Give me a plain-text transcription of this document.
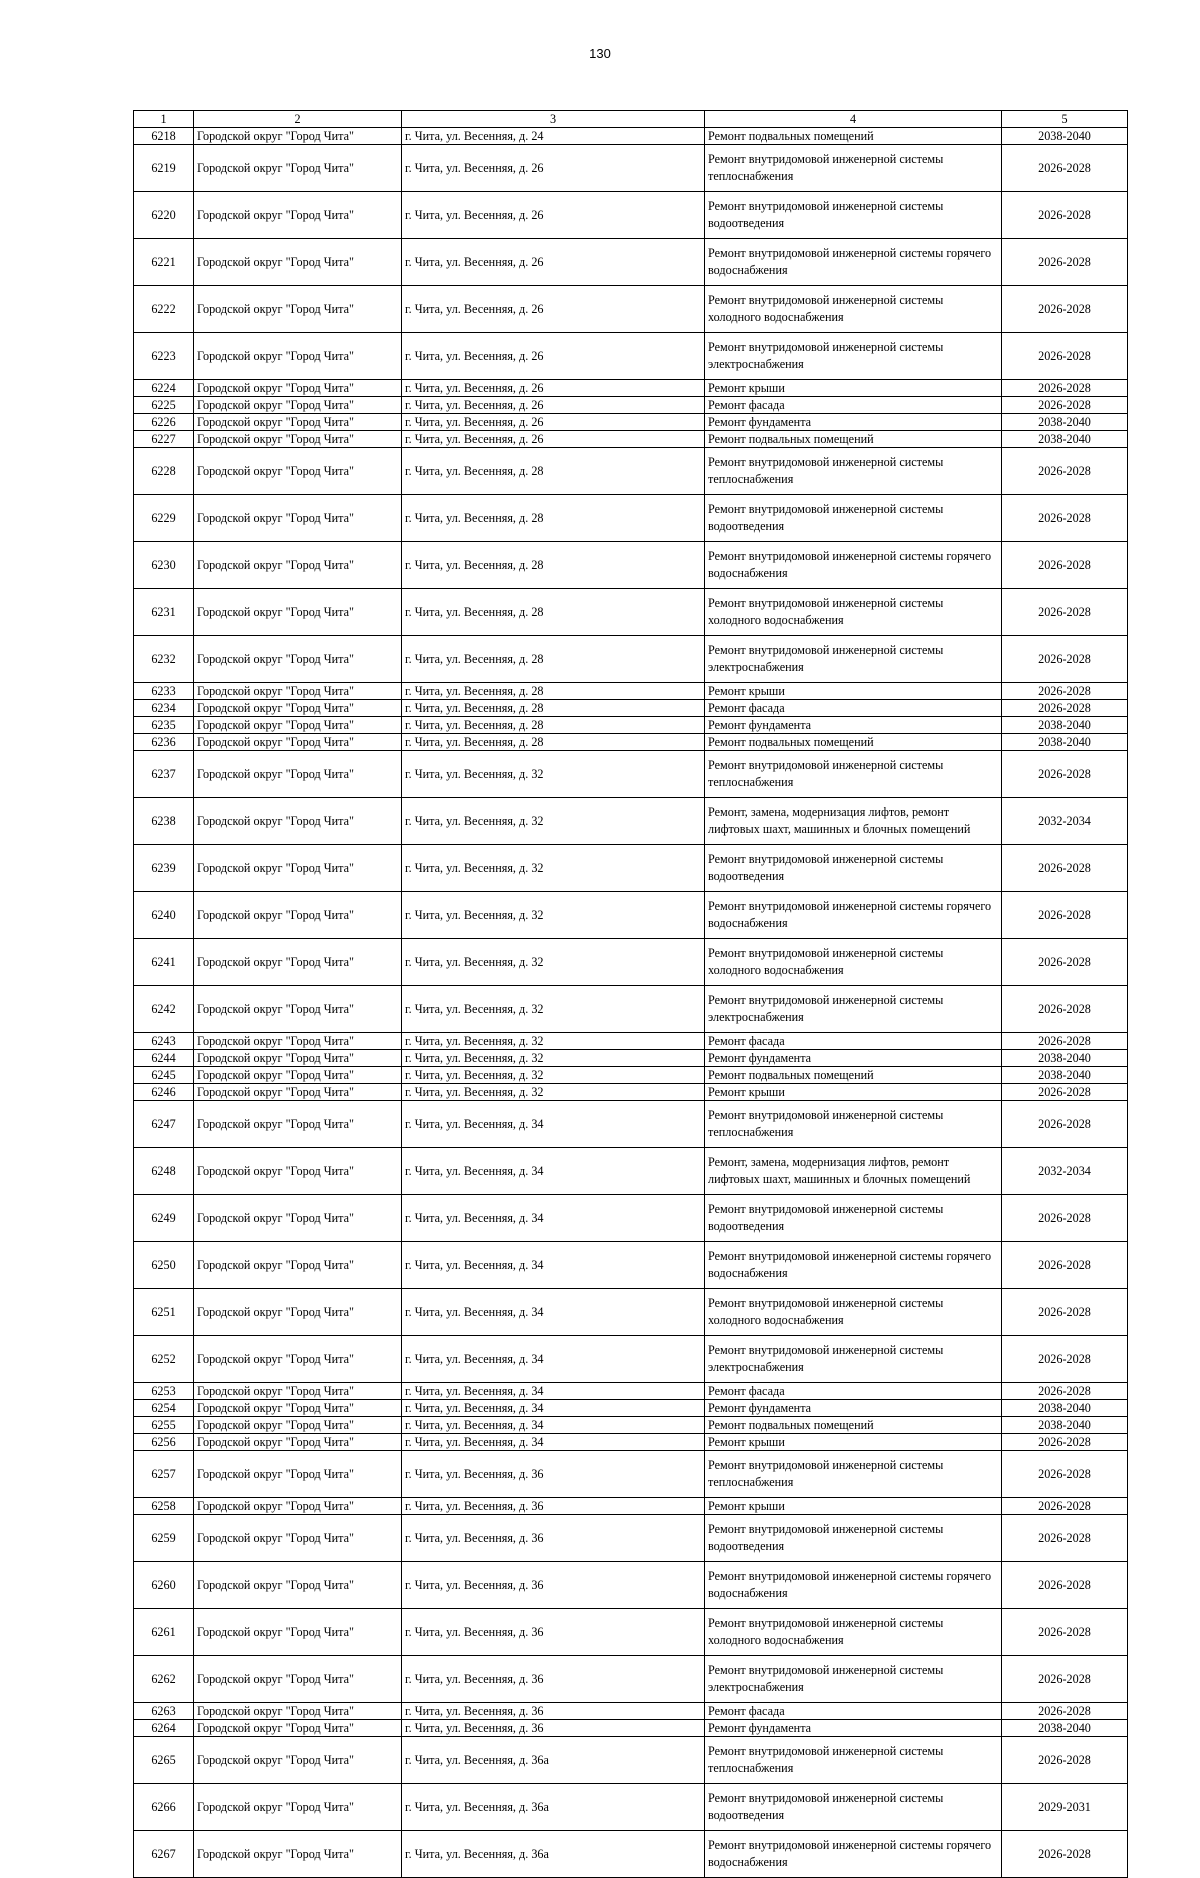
130
1	2	3	4	5
6218	Городской округ "Город Чита"	г. Чита, ул. Весенняя, д. 24	Ремонт подвальных помещений	2038-2040
6219	Городской округ "Город Чита"	г. Чита, ул. Весенняя, д. 26	Ремонт внутридомовой инженерной системы теплоснабжения	2026-2028
6220	Городской округ "Город Чита"	г. Чита, ул. Весенняя, д. 26	Ремонт внутридомовой инженерной системы водоотведения	2026-2028
6221	Городской округ "Город Чита"	г. Чита, ул. Весенняя, д. 26	Ремонт внутридомовой инженерной системы горячего водоснабжения	2026-2028
6222	Городской округ "Город Чита"	г. Чита, ул. Весенняя, д. 26	Ремонт внутридомовой инженерной системы холодного водоснабжения	2026-2028
6223	Городской округ "Город Чита"	г. Чита, ул. Весенняя, д. 26	Ремонт внутридомовой инженерной системы электроснабжения	2026-2028
6224	Городской округ "Город Чита"	г. Чита, ул. Весенняя, д. 26	Ремонт крыши	2026-2028
6225	Городской округ "Город Чита"	г. Чита, ул. Весенняя, д. 26	Ремонт фасада	2026-2028
6226	Городской округ "Город Чита"	г. Чита, ул. Весенняя, д. 26	Ремонт фундамента	2038-2040
6227	Городской округ "Город Чита"	г. Чита, ул. Весенняя, д. 26	Ремонт подвальных помещений	2038-2040
6228	Городской округ "Город Чита"	г. Чита, ул. Весенняя, д. 28	Ремонт внутридомовой инженерной системы теплоснабжения	2026-2028
6229	Городской округ "Город Чита"	г. Чита, ул. Весенняя, д. 28	Ремонт внутридомовой инженерной системы водоотведения	2026-2028
6230	Городской округ "Город Чита"	г. Чита, ул. Весенняя, д. 28	Ремонт внутридомовой инженерной системы горячего водоснабжения	2026-2028
6231	Городской округ "Город Чита"	г. Чита, ул. Весенняя, д. 28	Ремонт внутридомовой инженерной системы холодного водоснабжения	2026-2028
6232	Городской округ "Город Чита"	г. Чита, ул. Весенняя, д. 28	Ремонт внутридомовой инженерной системы электроснабжения	2026-2028
6233	Городской округ "Город Чита"	г. Чита, ул. Весенняя, д. 28	Ремонт крыши	2026-2028
6234	Городской округ "Город Чита"	г. Чита, ул. Весенняя, д. 28	Ремонт фасада	2026-2028
6235	Городской округ "Город Чита"	г. Чита, ул. Весенняя, д. 28	Ремонт фундамента	2038-2040
6236	Городской округ "Город Чита"	г. Чита, ул. Весенняя, д. 28	Ремонт подвальных помещений	2038-2040
6237	Городской округ "Город Чита"	г. Чита, ул. Весенняя, д. 32	Ремонт внутридомовой инженерной системы теплоснабжения	2026-2028
6238	Городской округ "Город Чита"	г. Чита, ул. Весенняя, д. 32	Ремонт, замена, модернизация лифтов, ремонт лифтовых шахт, машинных и блочных помещений	2032-2034
6239	Городской округ "Город Чита"	г. Чита, ул. Весенняя, д. 32	Ремонт внутридомовой инженерной системы водоотведения	2026-2028
6240	Городской округ "Город Чита"	г. Чита, ул. Весенняя, д. 32	Ремонт внутридомовой инженерной системы горячего водоснабжения	2026-2028
6241	Городской округ "Город Чита"	г. Чита, ул. Весенняя, д. 32	Ремонт внутридомовой инженерной системы холодного водоснабжения	2026-2028
6242	Городской округ "Город Чита"	г. Чита, ул. Весенняя, д. 32	Ремонт внутридомовой инженерной системы электроснабжения	2026-2028
6243	Городской округ "Город Чита"	г. Чита, ул. Весенняя, д. 32	Ремонт фасада	2026-2028
6244	Городской округ "Город Чита"	г. Чита, ул. Весенняя, д. 32	Ремонт фундамента	2038-2040
6245	Городской округ "Город Чита"	г. Чита, ул. Весенняя, д. 32	Ремонт подвальных помещений	2038-2040
6246	Городской округ "Город Чита"	г. Чита, ул. Весенняя, д. 32	Ремонт крыши	2026-2028
6247	Городской округ "Город Чита"	г. Чита, ул. Весенняя, д. 34	Ремонт внутридомовой инженерной системы теплоснабжения	2026-2028
6248	Городской округ "Город Чита"	г. Чита, ул. Весенняя, д. 34	Ремонт, замена, модернизация лифтов, ремонт лифтовых шахт, машинных и блочных помещений	2032-2034
6249	Городской округ "Город Чита"	г. Чита, ул. Весенняя, д. 34	Ремонт внутридомовой инженерной системы водоотведения	2026-2028
6250	Городской округ "Город Чита"	г. Чита, ул. Весенняя, д. 34	Ремонт внутридомовой инженерной системы горячего водоснабжения	2026-2028
6251	Городской округ "Город Чита"	г. Чита, ул. Весенняя, д. 34	Ремонт внутридомовой инженерной системы холодного водоснабжения	2026-2028
6252	Городской округ "Город Чита"	г. Чита, ул. Весенняя, д. 34	Ремонт внутридомовой инженерной системы электроснабжения	2026-2028
6253	Городской округ "Город Чита"	г. Чита, ул. Весенняя, д. 34	Ремонт фасада	2026-2028
6254	Городской округ "Город Чита"	г. Чита, ул. Весенняя, д. 34	Ремонт фундамента	2038-2040
6255	Городской округ "Город Чита"	г. Чита, ул. Весенняя, д. 34	Ремонт подвальных помещений	2038-2040
6256	Городской округ "Город Чита"	г. Чита, ул. Весенняя, д. 34	Ремонт крыши	2026-2028
6257	Городской округ "Город Чита"	г. Чита, ул. Весенняя, д. 36	Ремонт внутридомовой инженерной системы теплоснабжения	2026-2028
6258	Городской округ "Город Чита"	г. Чита, ул. Весенняя, д. 36	Ремонт крыши	2026-2028
6259	Городской округ "Город Чита"	г. Чита, ул. Весенняя, д. 36	Ремонт внутридомовой инженерной системы водоотведения	2026-2028
6260	Городской округ "Город Чита"	г. Чита, ул. Весенняя, д. 36	Ремонт внутридомовой инженерной системы горячего водоснабжения	2026-2028
6261	Городской округ "Город Чита"	г. Чита, ул. Весенняя, д. 36	Ремонт внутридомовой инженерной системы холодного водоснабжения	2026-2028
6262	Городской округ "Город Чита"	г. Чита, ул. Весенняя, д. 36	Ремонт внутридомовой инженерной системы электроснабжения	2026-2028
6263	Городской округ "Город Чита"	г. Чита, ул. Весенняя, д. 36	Ремонт фасада	2026-2028
6264	Городской округ "Город Чита"	г. Чита, ул. Весенняя, д. 36	Ремонт фундамента	2038-2040
6265	Городской округ "Город Чита"	г. Чита, ул. Весенняя, д. 36а	Ремонт внутридомовой инженерной системы теплоснабжения	2026-2028
6266	Городской округ "Город Чита"	г. Чита, ул. Весенняя, д. 36а	Ремонт внутридомовой инженерной системы водоотведения	2029-2031
6267	Городской округ "Город Чита"	г. Чита, ул. Весенняя, д. 36а	Ремонт внутридомовой инженерной системы горячего водоснабжения	2026-2028
